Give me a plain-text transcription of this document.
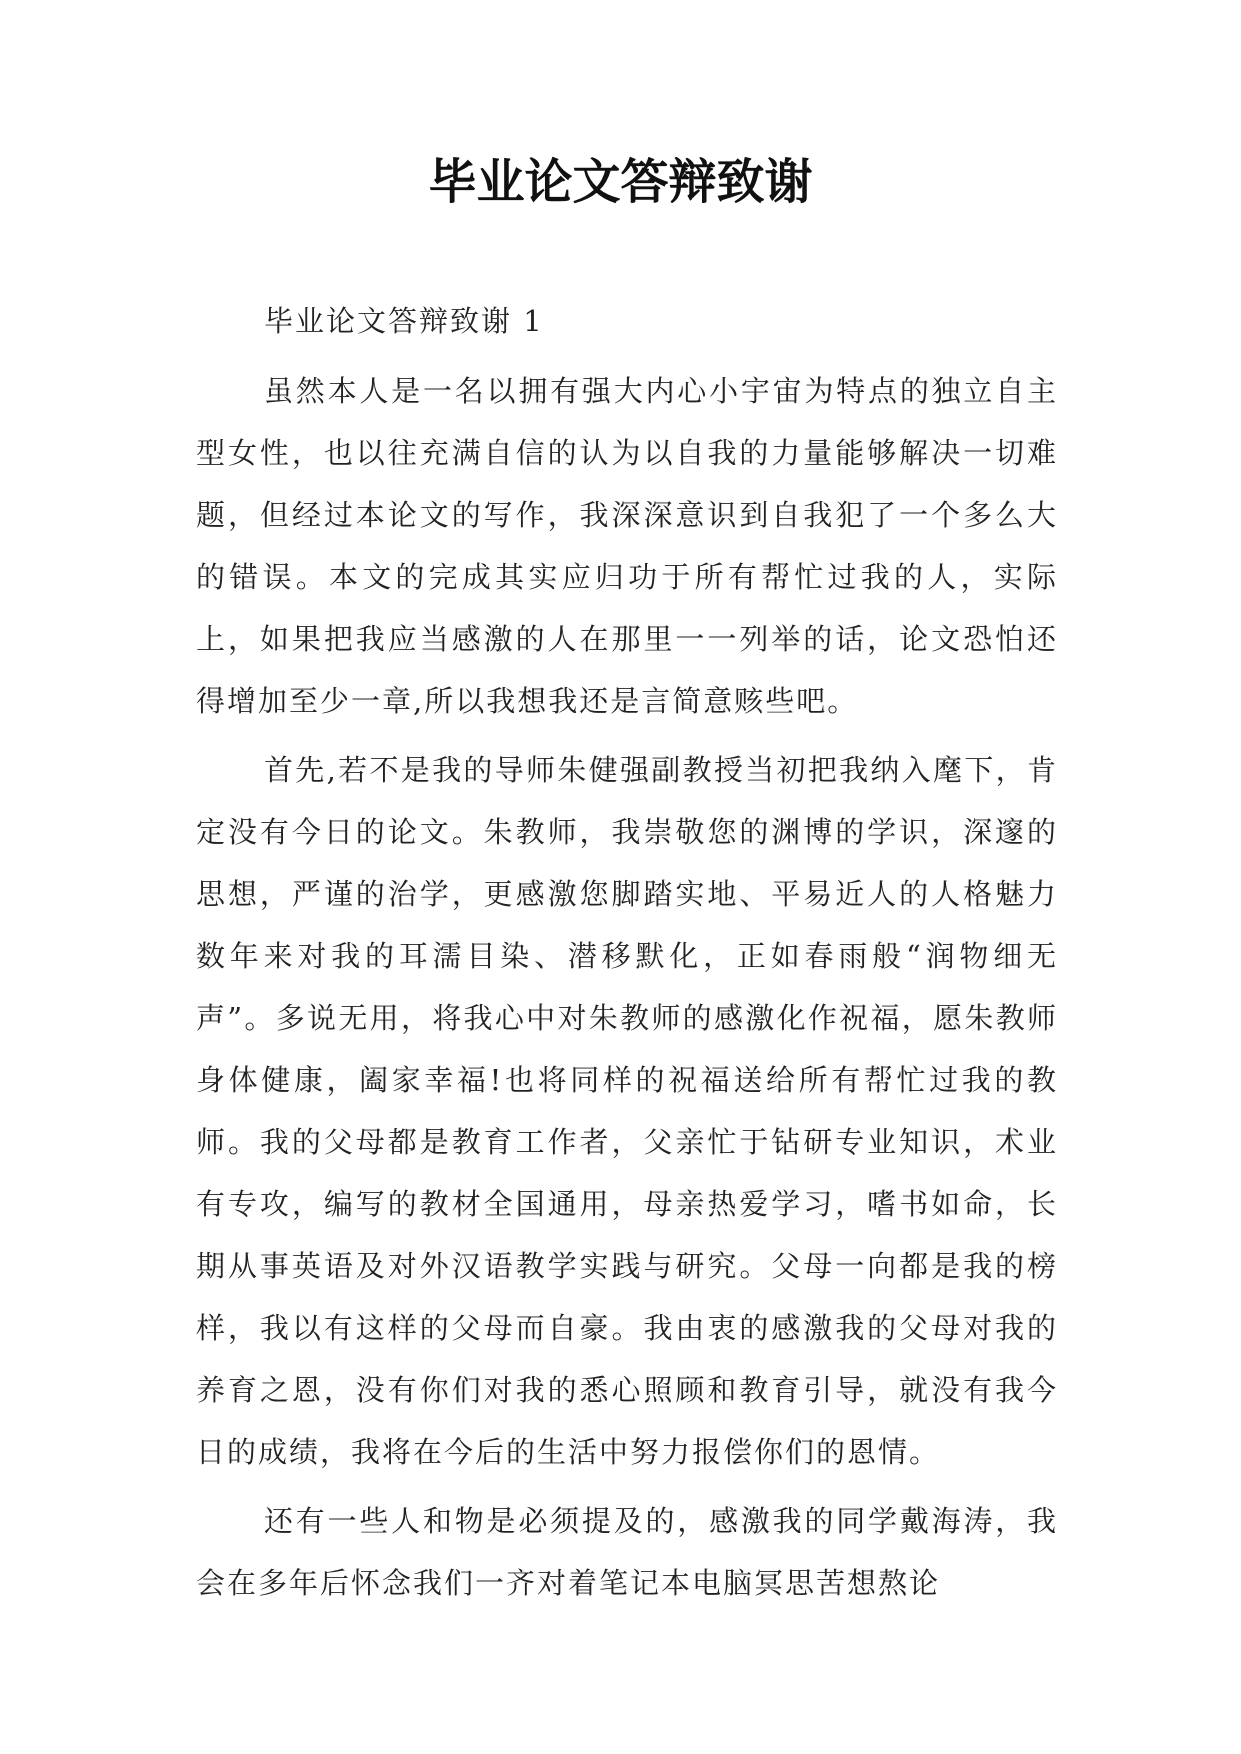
毕业论文答辩致谢
毕业论文答辩致谢 1

虽然本人是一名以拥有强大内心小宇宙为特点的独立自主型女性，也以往充满自信的认为以自我的力量能够解决一切难题，但经过本论文的写作，我深深意识到自我犯了一个多么大的错误。本文的完成其实应归功于所有帮忙过我的人，实际上，如果把我应当感激的人在那里一一列举的话，论文恐怕还得增加至少一章,所以我想我还是言简意赅些吧。

首先,若不是我的导师朱健强副教授当初把我纳入麾下，肯定没有今日的论文。朱教师，我崇敬您的渊博的学识，深邃的思想，严谨的治学，更感激您脚踏实地、平易近人的人格魅力数年来对我的耳濡目染、潜移默化，正如春雨般“润物细无声”。多说无用，将我心中对朱教师的感激化作祝福，愿朱教师身体健康，阖家幸福!也将同样的祝福送给所有帮忙过我的教师。我的父母都是教育工作者，父亲忙于钻研专业知识，术业有专攻，编写的教材全国通用，母亲热爱学习，嗜书如命，长期从事英语及对外汉语教学实践与研究。父母一向都是我的榜样，我以有这样的父母而自豪。我由衷的感激我的父母对我的养育之恩，没有你们对我的悉心照顾和教育引导，就没有我今日的成绩，我将在今后的生活中努力报偿你们的恩情。

还有一些人和物是必须提及的，感激我的同学戴海涛，我会在多年后怀念我们一齐对着笔记本电脑冥思苦想熬论
